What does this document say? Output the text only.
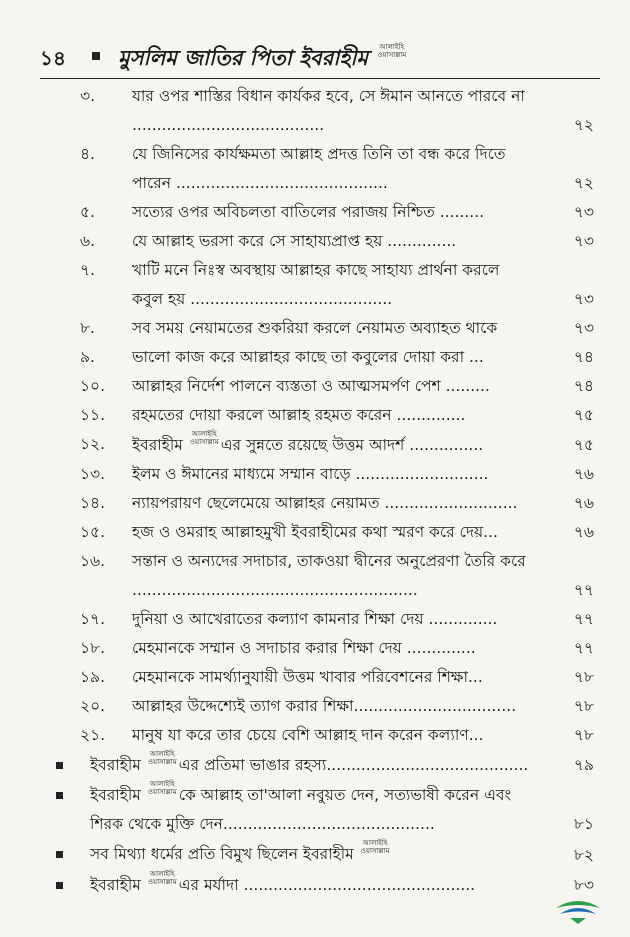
১৪ মুসলিম জাতির পিতা ইবরাহীম আলাইহি
ওয়াসাল্লাম
৩. যার ওপর শাস্তির বিধান কার্যকর হবে, সে ঈমান আনতে পারবে না .......................................	৭২
৪. যে জিনিসের কার্যক্ষমতা আল্লাহ প্রদত্ত তিনি তা বন্ধ করে দিতে পারেন ...........................................	৭২
৫. সত্যের ওপর অবিচলতা বাতিলের পরাজয় নিশ্চিত .........	৭৩
৬. যে আল্লাহ ভরসা করে সে সাহায্যপ্রাপ্ত হয় ..............	৭৩
৭. খাটি মনে নিঃস্ব অবস্থায় আল্লাহর কাছে সাহায্য প্রার্থনা করলে কবুল হয় .........................................	৭৩
৮. সব সময় নেয়ামতের শুকরিয়া করলে নেয়ামত অব্যাহত থাকে	৭৩
৯. ভালো কাজ করে আল্লাহর কাছে তা কবুলের দোয়া করা ...	৭৪
১০. আল্লাহর নির্দেশ পালনে ব্যস্ততা ও আত্মসমর্পণ পেশ .........	৭৪
১১. রহমতের দোয়া করলে আল্লাহ রহমত করেন ..............	৭৫
১২. ইবরাহীম
আলাইহি
ওয়াসাল্লাম এর সুন্নতে রয়েছে উত্তম আদর্শ ...............	৭৫
১৩. ইলম ও ঈমানের মাধ্যমে সম্মান বাড়ে ...........................	৭৬
১৪. ন্যায়পরায়ণ ছেলেমেয়ে আল্লাহর নেয়ামত ...........................	৭৬
১৫. হজ ও ওমরাহ আল্লাহমুখী ইবরাহীমের কথা স্মরণ করে দেয়...	৭৬
১৬. সন্তান ও অন্যদের সদাচার, তাকওয়া দ্বীনের অনুপ্রেরণা তৈরি করে ..........................................................	৭৭
১৭. দুনিয়া ও আখেরাতের কল্যাণ কামনার শিক্ষা দেয় ..............	৭৭
১৮. মেহমানকে সম্মান ও সদাচার করার শিক্ষা দেয় ..............	৭৭
১৯. মেহমানকে সামর্থ্যানুযায়ী উত্তম খাবার পরিবেশনের শিক্ষা...	৭৮
২০. আল্লাহর উদ্দেশ্যেই ত্যাগ করার শিক্ষা.................................	৭৮
২১. মানুষ যা করে তার চেয়ে বেশি আল্লাহ দান করেন কল্যাণ...	৭৮
ইবরাহীম
আলাইহি
ওয়াসাল্লাম এর প্রতিমা ভাঙার রহস্য.........................................	৭৯
ইবরাহীম
আলাইহি
ওয়াসাল্লাম কে আল্লাহ তা'আলা নবুয়ত দেন, সত্যভাষী করেন এবং শিরক থেকে মুক্তি দেন...........................................	৮১
সব মিথ্যা ধর্মের প্রতি বিমুখ ছিলেন ইবরাহীম
আলাইহি
ওয়াসাল্লাম	৮২
ইবরাহীম
আলাইহি
ওয়াসাল্লাম এর মর্যাদা ...............................................	৮৩
